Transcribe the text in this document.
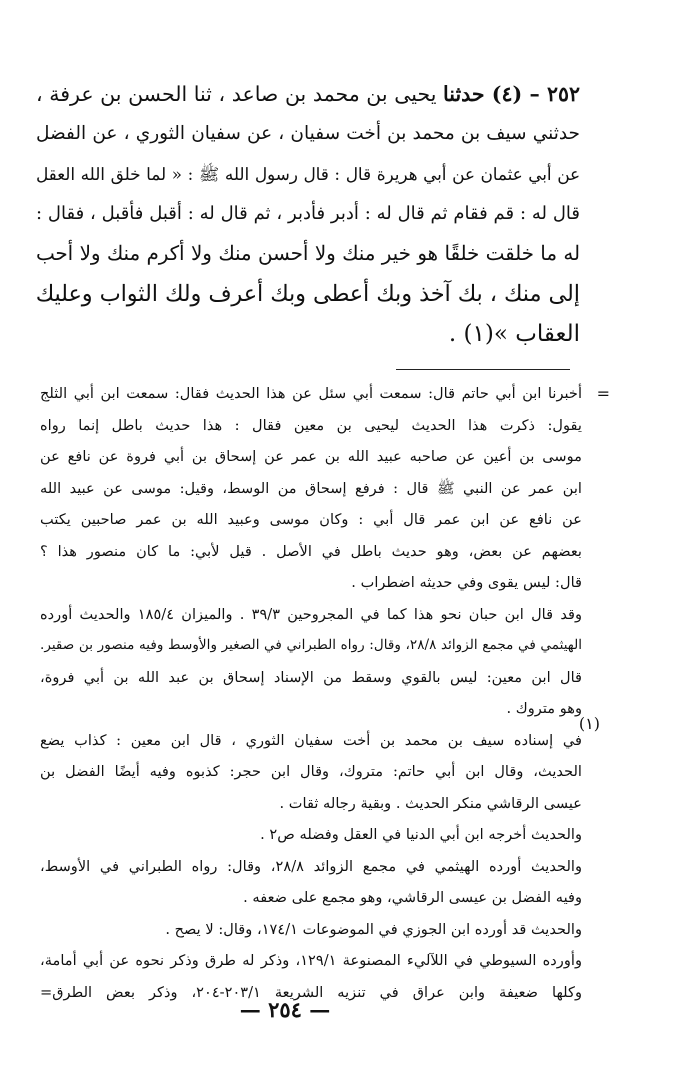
٢٥٢ – (٤) حدثنا يحيى بن محمد بن صاعد ، ثنا الحسن بن عرفة ،

حدثني سيف بن محمد بن أخت سفيان ، عن سفيان الثوري ، عن الفضل

عن أبي عثمان عن أبي هريرة قال : قال رسول الله ﷺ : « لما خلق الله العقل

قال له : قم فقام ثم قال له : أدبر فأدبر ، ثم قال له : أقبل فأقبل ، فقال :

له ما خلقت خلقًا هو خير منك ولا أحسن منك ولا أكرم منك ولا أحب

إلى منك ، بك آخذ وبك أعطى وبك أعرف ولك الثواب وعليك

العقاب »(١) .

=
(١)

أخبرنا ابن أبي حاتم قال: سمعت أبي سئل عن هذا الحديث فقال: سمعت ابن أبي الثلج

يقول: ذكرت هذا الحديث ليحيى بن معين فقال : هذا حديث باطل إنما رواه

موسى بن أعين عن صاحبه عبيد الله بن عمر عن إسحاق بن أبي فروة عن نافع عن

ابن عمر عن النبي ﷺ قال : فرفع إسحاق من الوسط، وقيل: موسى عن عبيد الله

عن نافع عن ابن عمر قال أبي : وكان موسى وعبيد الله بن عمر صاحبين يكتب

بعضهم عن بعض، وهو حديث باطل في الأصل . قيل لأبي: ما كان منصور هذا ؟

قال: ليس يقوى وفي حديثه اضطراب .

وقد قال ابن حبان نحو هذا كما في المجروحين ٣٩/٣ . والميزان ١٨٥/٤ والحديث أورده

الهيثمي في مجمع الزوائد ٢٨/٨، وقال: رواه الطبراني في الصغير والأوسط وفيه منصور بن صقير.

قال ابن معين: ليس بالقوي وسقط من الإسناد إسحاق بن عبد الله بن أبي فروة،

وهو متروك .

في إسناده سيف بن محمد بن أخت سفيان الثوري ، قال ابن معين : كذاب يضع

الحديث، وقال ابن أبي حاتم: متروك، وقال ابن حجر: كذبوه وفيه أيضًا الفضل بن

عيسى الرقاشي منكر الحديث . وبقية رجاله ثقات .

والحديث أخرجه ابن أبي الدنيا في العقل وفضله ص٢ .

والحديث أورده الهيثمي في مجمع الزوائد ٢٨/٨، وقال: رواه الطبراني في الأوسط،

وفيه الفضل بن عيسى الرقاشي، وهو مجمع على ضعفه .

والحديث قد أورده ابن الجوزي في الموضوعات ١٧٤/١، وقال: لا يصح .

وأورده السيوطي في اللآليء المصنوعة ١٢٩/١، وذكر له طرق وذكر نحوه عن أبي أمامة،

وكلها ضعيفة وابن عراق في تنزيه الشريعة ٢٠٣/١-٢٠٤، وذكر بعض الطرق=

— ٢٥٤ —
